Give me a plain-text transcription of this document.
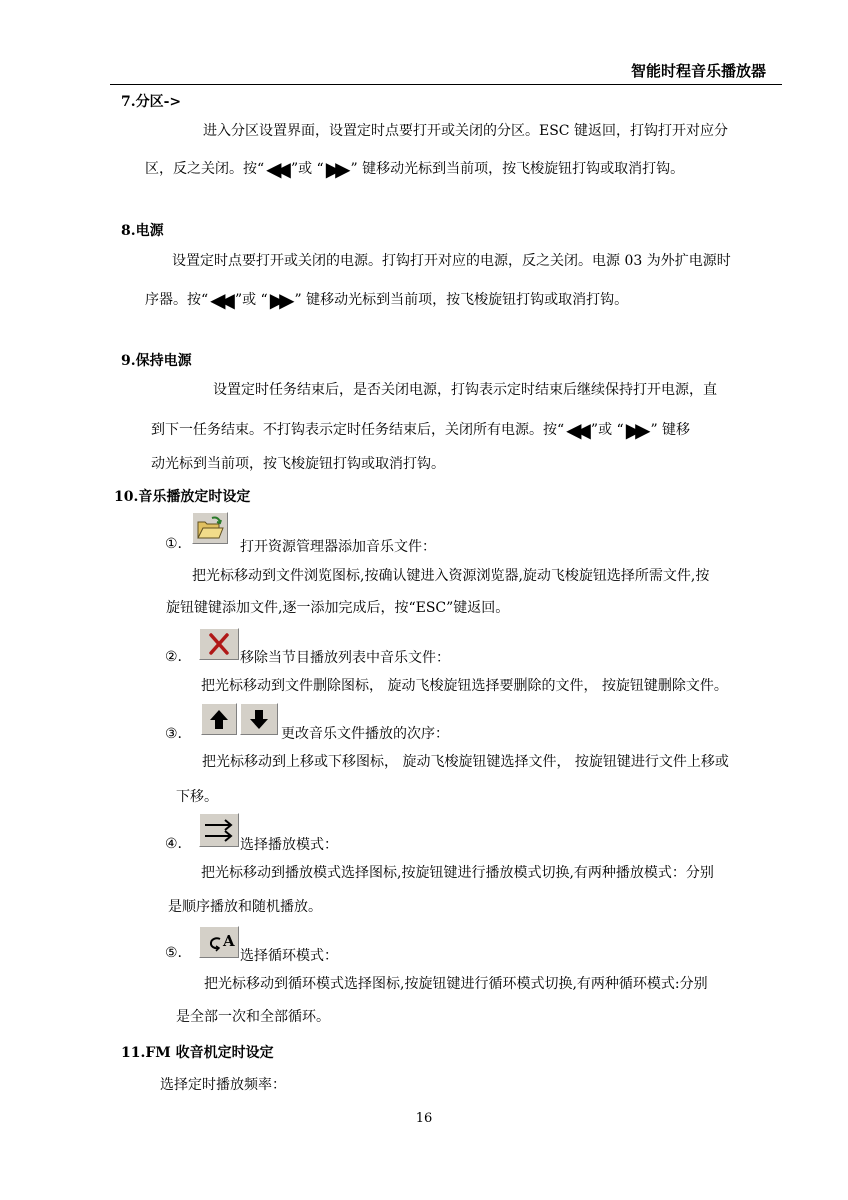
智能时程音乐播放器
7.分区->
进入分区设置界面，设置定时点要打开或关闭的分区。ESC 键返回，打钩打开对应分
区，反之关闭。按“ ◀◀ ”或 “ ▶▶ ” 键移动光标到当前项，按飞梭旋钮打钩或取消打钩。
8.电源
设置定时点要打开或关闭的电源。打钩打开对应的电源，反之关闭。电源 03 为外扩电源时
序器。按“ ◀◀ ”或 “ ▶▶ ” 键移动光标到当前项，按飞梭旋钮打钩或取消打钩。
9.保持电源
设置定时任务结束后，是否关闭电源，打钩表示定时结束后继续保持打开电源，直
到下一任务结束。不打钩表示定时任务结束后，关闭所有电源。按“ ◀◀ ”或 “ ▶▶ ” 键移
动光标到当前项，按飞梭旋钮打钩或取消打钩。
10.音乐播放定时设定
①.	打开资源管理器添加音乐文件：
把光标移动到文件浏览图标,按确认键进入资源浏览器,旋动飞梭旋钮选择所需文件,按
旋钮键键添加文件,逐一添加完成后，按“ESC”键返回。
②.	移除当节目播放列表中音乐文件：
把光标移动到文件删除图标， 旋动飞梭旋钮选择要删除的文件， 按旋钮键删除文件。
③.	更改音乐文件播放的次序：
把光标移动到上移或下移图标， 旋动飞梭旋钮键选择文件， 按旋钮键进行文件上移或
下移。
④.	选择播放模式：
把光标移动到播放模式选择图标,按旋钮键进行播放模式切换,有两种播放模式：分别
是顺序播放和随机播放。
⑤.
A
选择循环模式：
把光标移动到循环模式选择图标,按旋钮键进行循环模式切换,有两种循环模式:分别
是全部一次和全部循环。
11.FM 收音机定时设定
选择定时播放频率：
16
